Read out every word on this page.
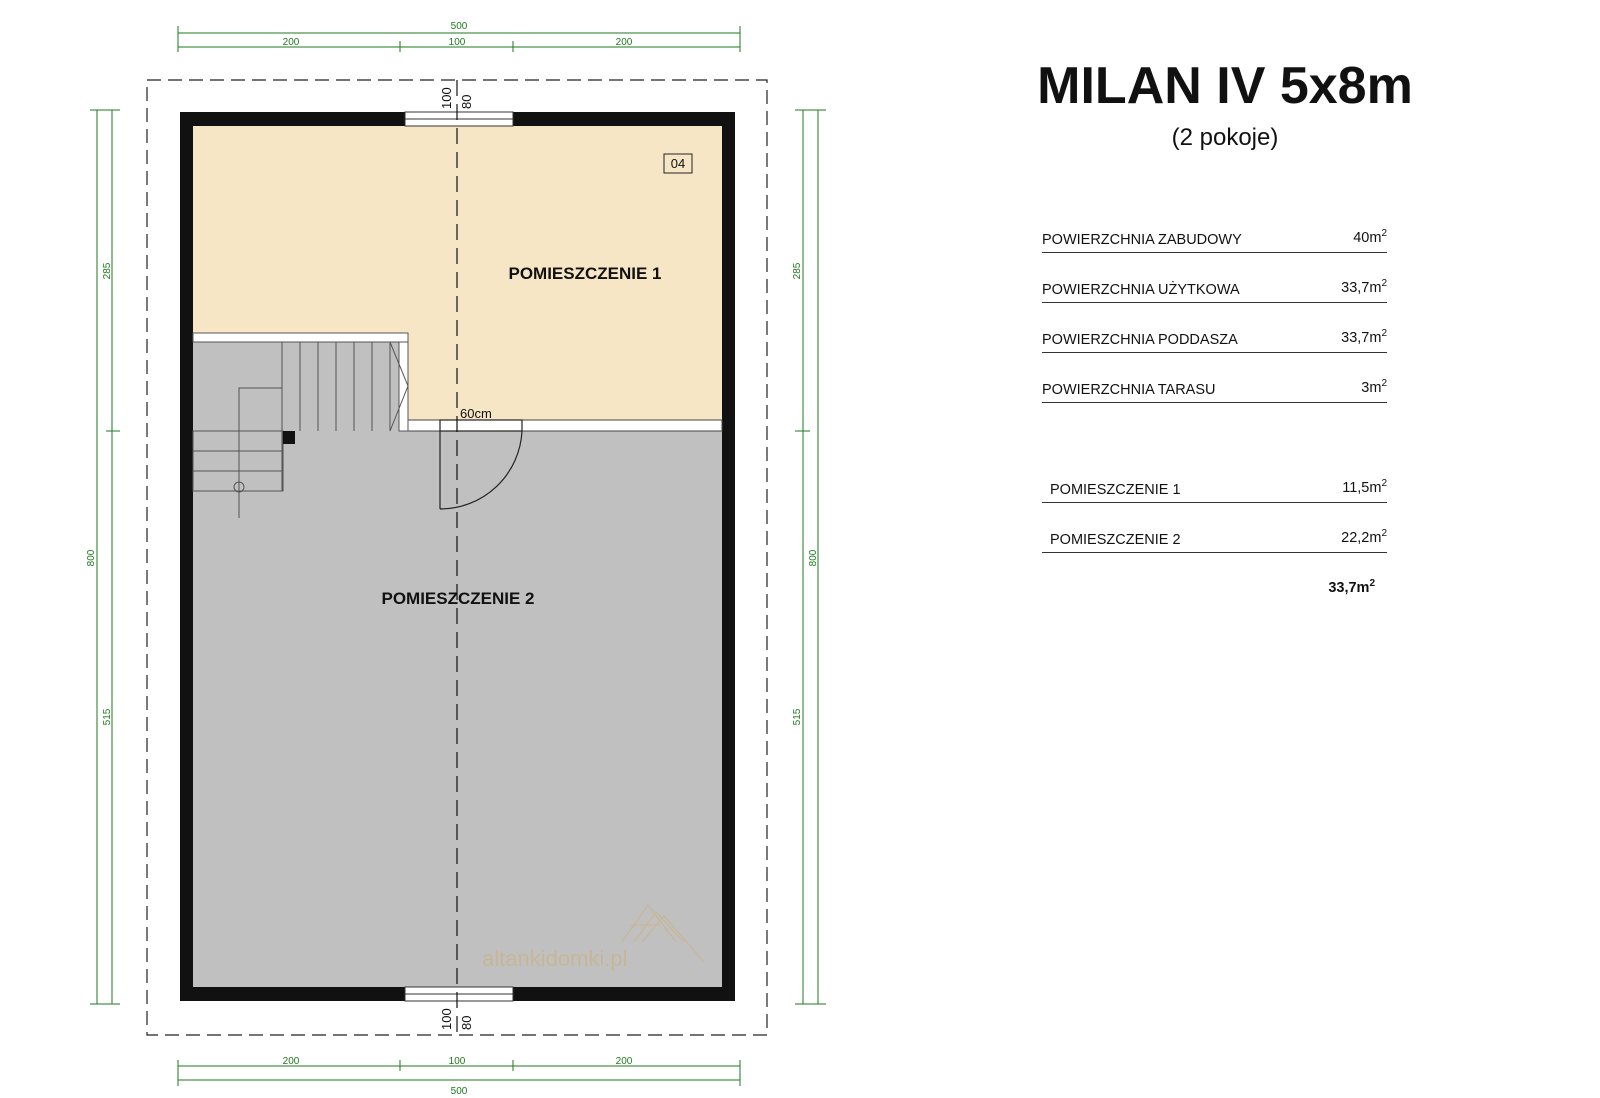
60cm
100 80
100 80
04
POMIESZCZENIE 1
POMIESZCZENIE 2
altankidomki.pl
500
200	100	200
200	100	200
500
800
285
515
285
515
800
MILAN IV 5x8m
(2 pokoje)
POWIERZCHNIA ZABUDOWY	$40m^2$
POWIERZCHNIA UŻYTKOWA	$33,7m^2$
POWIERZCHNIA PODDASZA	$33,7m^2$
POWIERZCHNIA TARASU	$3m^2$
POMIESZCZENIE 1	$11,5m^2$
POMIESZCZENIE 2	$22,2m^2$
$33,7m^2$
